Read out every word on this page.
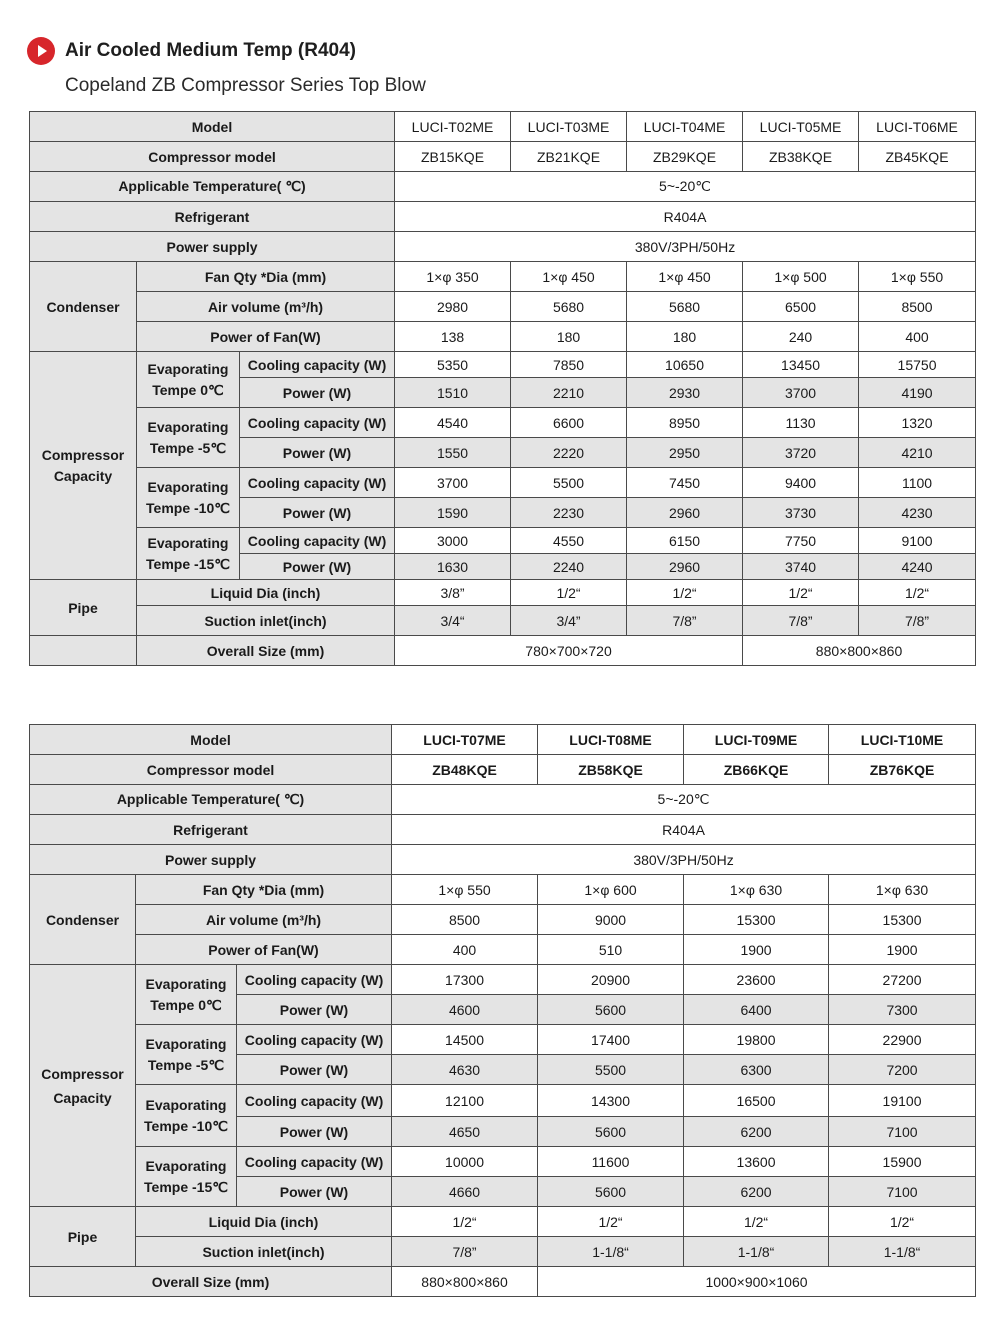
Air Cooled Medium Temp (R404)
Copeland ZB Compressor Series Top Blow
Model			LUCI-T02ME	LUCI-T03ME	LUCI-T04ME	LUCI-T05ME	LUCI-T06ME
Compressor model			ZB15KQE	ZB21KQE	ZB29KQE	ZB38KQE	ZB45KQE
Applicable Temperature( ℃)			5~-20℃				
Refrigerant			R404A				
Power supply			380V/3PH/50Hz				
Condenser	Fan Qty *Dia (mm)		1×φ 350	1×φ 450	1×φ 450	1×φ 500	1×φ 550
	Air volume (m³/h)		2980	5680	5680	6500	8500
	Power of Fan(W)		138	180	180	240	400
Compressor
Capacity	Evaporating
Tempe 0℃	Cooling capacity (W)	5350	7850	10650	13450	15750
		Power (W)	1510	2210	2930	3700	4190
	Evaporating
Tempe -5℃	Cooling capacity (W)	4540	6600	8950	1130	1320
		Power (W)	1550	2220	2950	3720	4210
	Evaporating
Tempe -10℃	Cooling capacity (W)	3700	5500	7450	9400	1100
		Power (W)	1590	2230	2960	3730	4230
	Evaporating
Tempe -15℃	Cooling capacity (W)	3000	4550	6150	7750	9100
		Power (W)	1630	2240	2960	3740	4240
Pipe	Liquid Dia (inch)		3/8”	1/2“	1/2“	1/2“	1/2“
	Suction inlet(inch)		3/4“	3/4”	7/8”	7/8”	7/8”
	Overall Size (mm)		780×700×720			880×800×860	
Model			LUCI-T07ME	LUCI-T08ME	LUCI-T09ME	LUCI-T10ME
Compressor model			ZB48KQE	ZB58KQE	ZB66KQE	ZB76KQE
Applicable Temperature( ℃)			5~-20℃			
Refrigerant			R404A			
Power supply			380V/3PH/50Hz			
Condenser	Fan Qty *Dia (mm)		1×φ 550	1×φ 600	1×φ 630	1×φ 630
	Air volume (m³/h)		8500	9000	15300	15300
	Power of Fan(W)		400	510	1900	1900
Compressor
Capacity	Evaporating
Tempe 0℃	Cooling capacity (W)	17300	20900	23600	27200
		Power (W)	4600	5600	6400	7300
	Evaporating
Tempe -5℃	Cooling capacity (W)	14500	17400	19800	22900
		Power (W)	4630	5500	6300	7200
	Evaporating
Tempe -10℃	Cooling capacity (W)	12100	14300	16500	19100
		Power (W)	4650	5600	6200	7100
	Evaporating
Tempe -15℃	Cooling capacity (W)	10000	11600	13600	15900
		Power (W)	4660	5600	6200	7100
Pipe	Liquid Dia (inch)		1/2“	1/2“	1/2“	1/2“
	Suction inlet(inch)		7/8”	1-1/8“	1-1/8“	1-1/8“
Overall Size (mm)			880×800×860	1000×900×1060		
